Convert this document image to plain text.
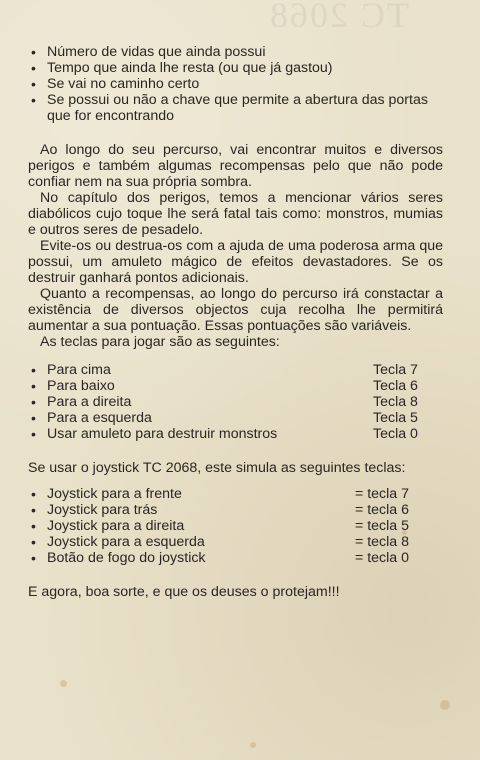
TC 2068
• Número de vidas que ainda possui
• Tempo que ainda lhe resta (ou que já gastou)
• Se vai no caminho certo
• Se possui ou não a chave que permite a abertura das portas que for encontrando

Ao longo do seu percurso, vai encontrar muitos e diversos perigos e também algumas recompensas pelo que não pode confiar nem na sua própria sombra.

No capítulo dos perigos, temos a mencionar vários seres diabólicos cujo toque lhe será fatal tais como: monstros, mumias e outros seres de pesadelo.

Evite-os ou destrua-os com a ajuda de uma poderosa arma que possui, um amuleto mágico de efeitos devastadores. Se os destruir ganhará pontos adicionais.

Quanto a recompensas, ao longo do percurso irá constactar a existência de diversos objectos cuja recolha lhe permitirá aumentar a sua pontuação. Essas pontuações são variáveis.

As teclas para jogar são as seguintes:

• Para cima	Tecla 7
• Para baixo	Tecla 6
• Para a direita	Tecla 8
• Para a esquerda	Tecla 5
• Usar amuleto para destruir monstros	Tecla 0

Se usar o joystick TC 2068, este simula as seguintes teclas:

• Joystick para a frente	= tecla 7
• Joystick para trás	= tecla 6
• Joystick para a direita	= tecla 5
• Joystick para a esquerda	= tecla 8
• Botão de fogo do joystick	= tecla 0

E agora, boa sorte, e que os deuses o protejam!!!
